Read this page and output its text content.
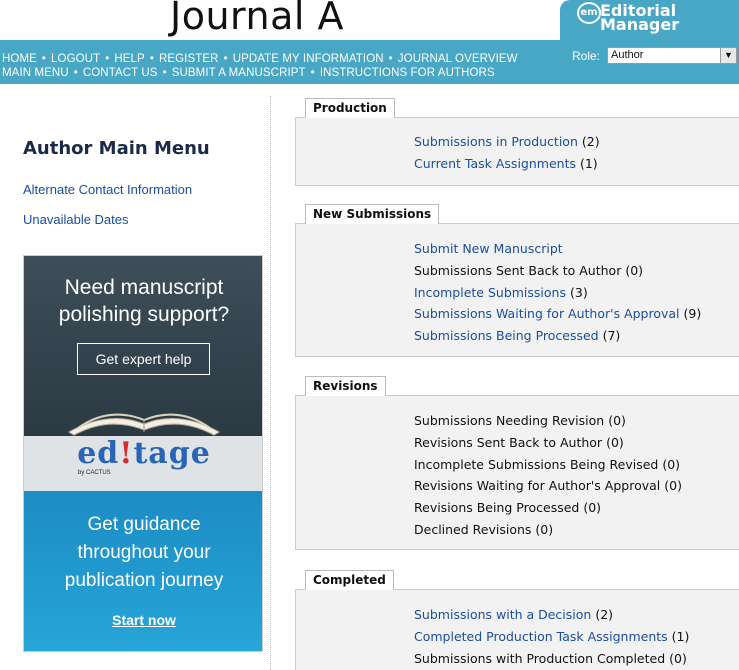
Journal A	em Editorial
Manager
HOME • LOGOUT • HELP • REGISTER • UPDATE MY INFORMATION • JOURNAL OVERVIEW
MAIN MENU • CONTACT US • SUBMIT A MANUSCRIPT • INSTRUCTIONS FOR AUTHORS
Role: Author	▼
Author Main Menu
Alternate Contact Information
Unavailable Dates
Need manuscript
polishing support?
Get expert help
ed!tage
by CACTUS
Get guidance
throughout your
publication journey
Start now
Production
Submissions in Production (2)
Current Task Assignments (1)
New Submissions
Submit New Manuscript
Submissions Sent Back to Author (0)
Incomplete Submissions (3)
Submissions Waiting for Author's Approval (9)
Submissions Being Processed (7)
Revisions
Submissions Needing Revision (0)
Revisions Sent Back to Author (0)
Incomplete Submissions Being Revised (0)
Revisions Waiting for Author's Approval (0)
Revisions Being Processed (0)
Declined Revisions (0)
Completed
Submissions with a Decision (2)
Completed Production Task Assignments (1)
Submissions with Production Completed (0)
